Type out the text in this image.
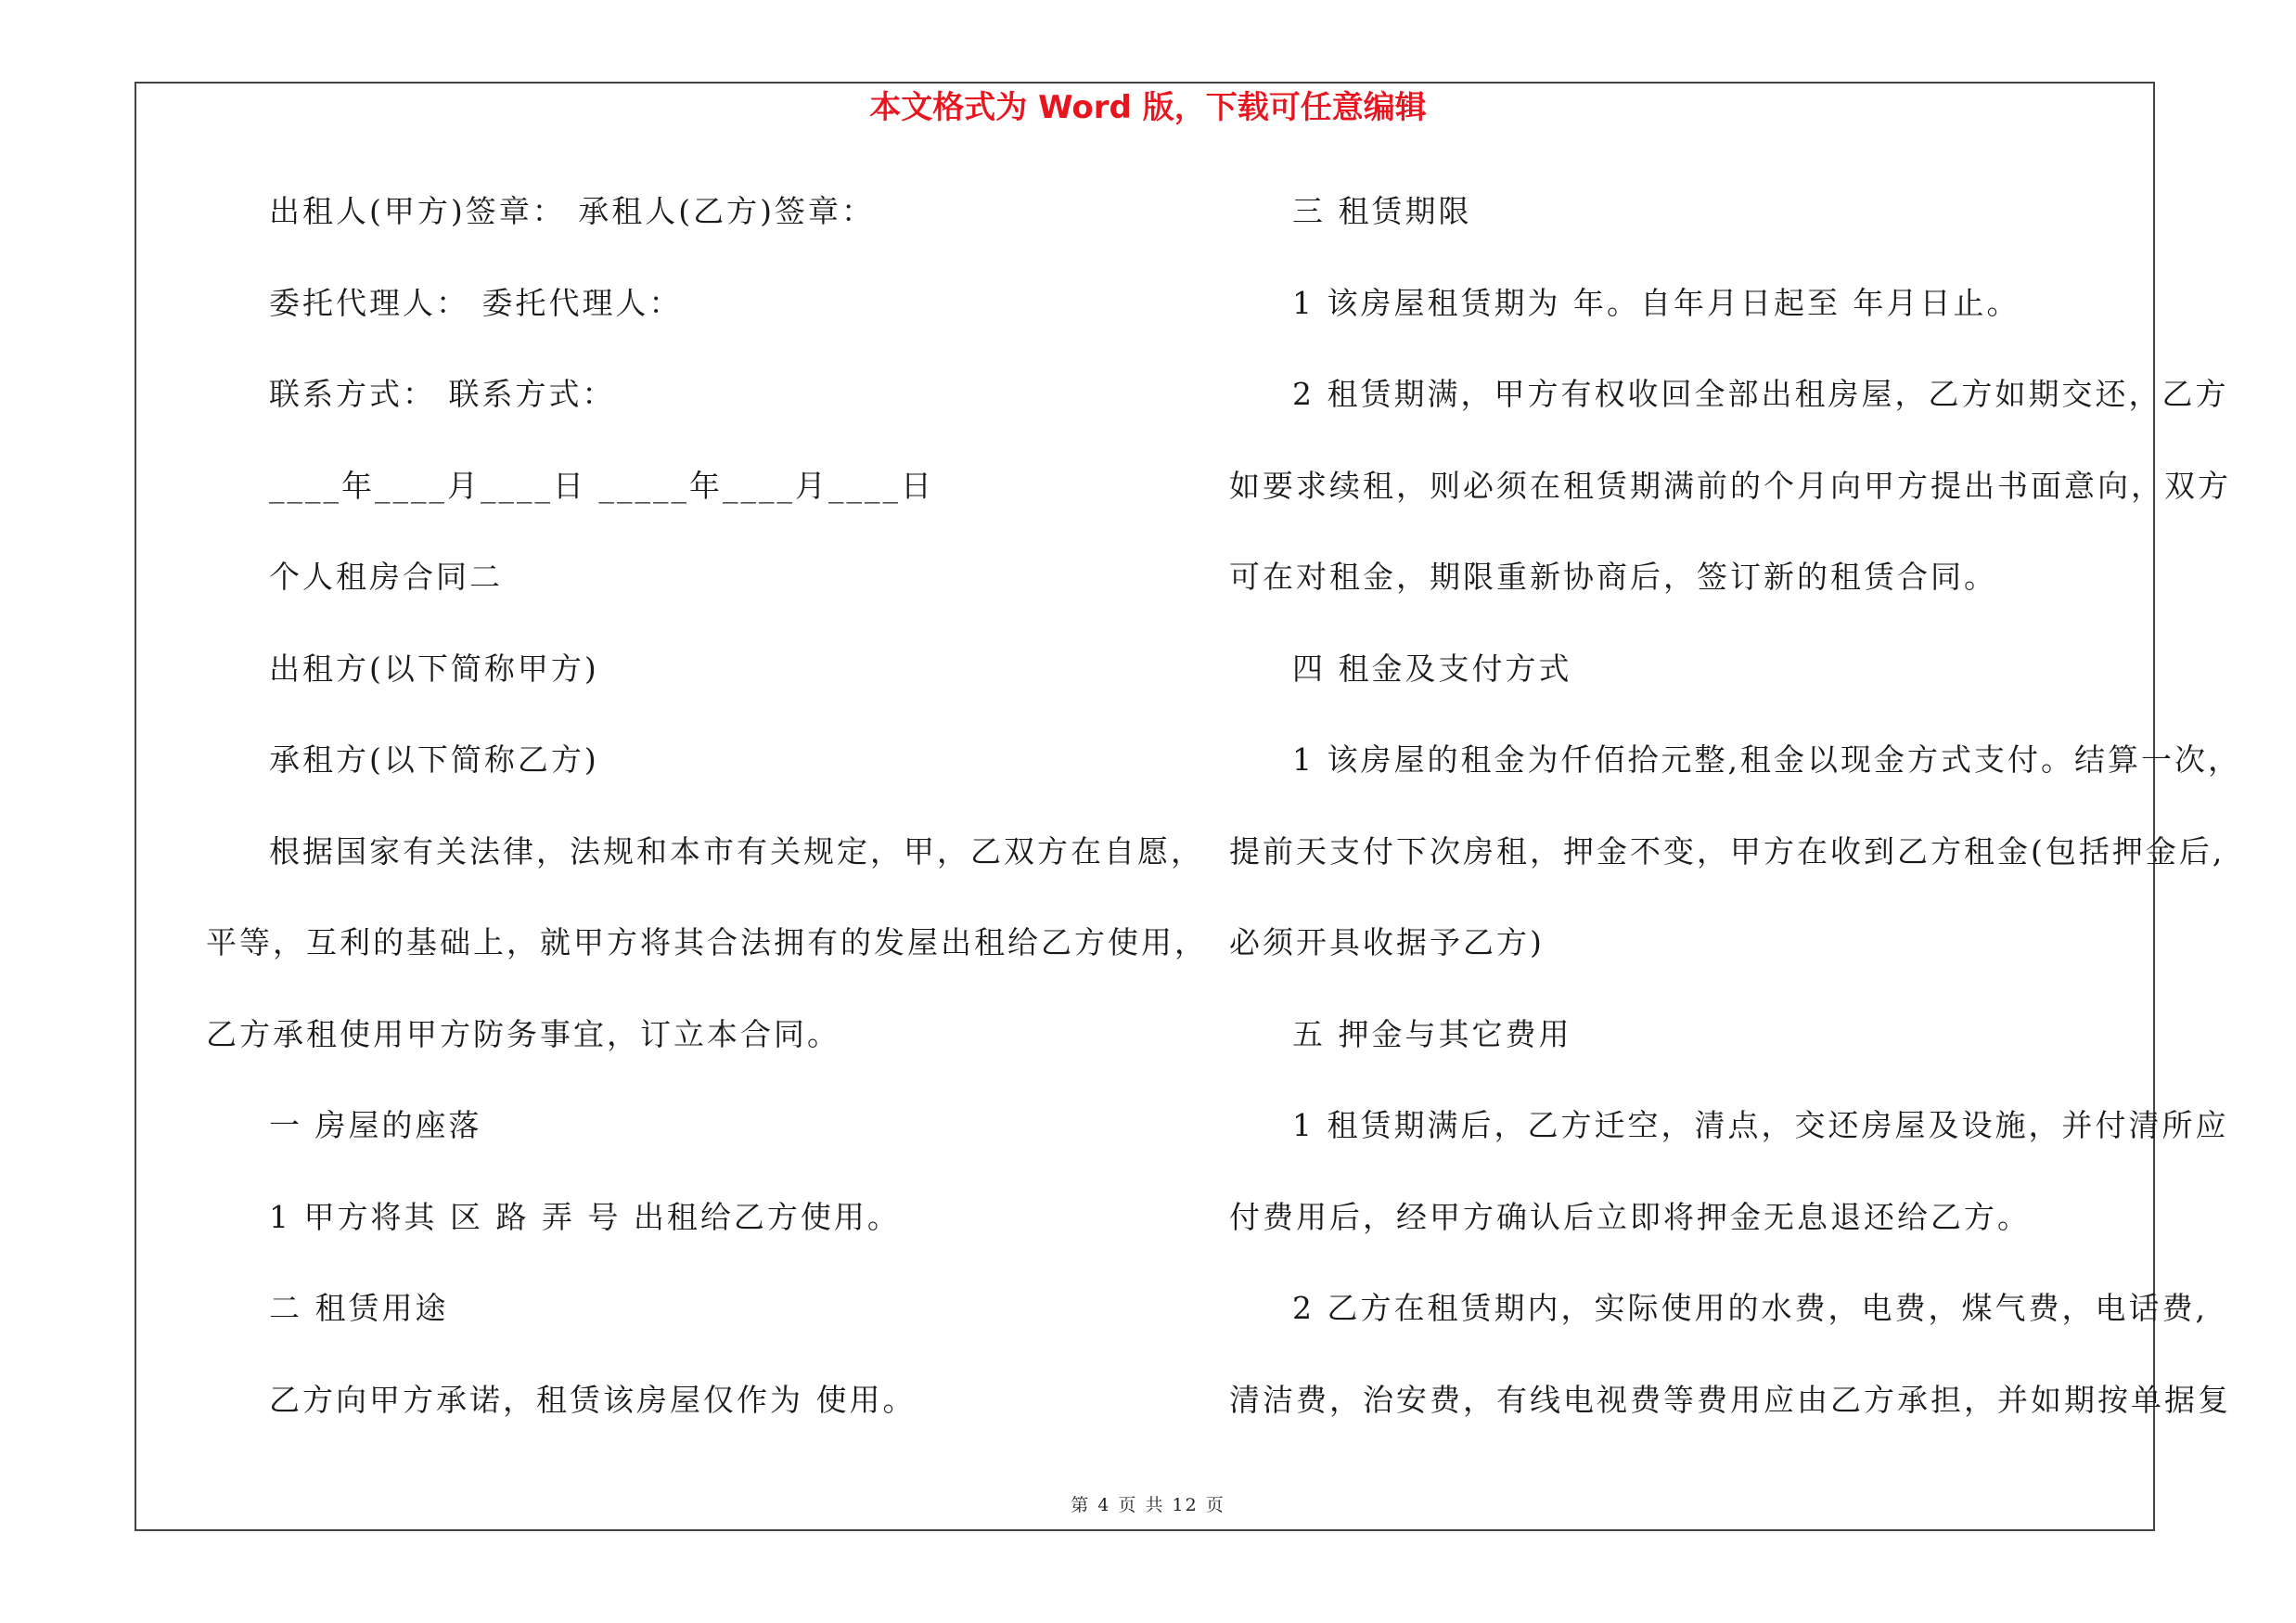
本文格式为 Word 版，下载可任意编辑
出租人(甲方)签章： 承租人(乙方)签章：
委托代理人： 委托代理人：
联系方式： 联系方式：
____年____月____日 _____年____月____日
个人租房合同二
出租方(以下简称甲方)
承租方(以下简称乙方)
根据国家有关法律，法规和本市有关规定，甲，乙双方在自愿，
平等，互利的基础上，就甲方将其合法拥有的发屋出租给乙方使用，
乙方承租使用甲方防务事宜，订立本合同。
一 房屋的座落
1 甲方将其 区 路 弄 号 出租给乙方使用。
二 租赁用途
乙方向甲方承诺，租赁该房屋仅作为 使用。
三 租赁期限
1 该房屋租赁期为 年。自年月日起至 年月日止。
2 租赁期满，甲方有权收回全部出租房屋，乙方如期交还，乙方
如要求续租，则必须在租赁期满前的个月向甲方提出书面意向，双方
可在对租金，期限重新协商后，签订新的租赁合同。
四 租金及支付方式
1 该房屋的租金为仟佰拾元整,租金以现金方式支付。结算一次，
提前天支付下次房租，押金不变，甲方在收到乙方租金(包括押金后,
必须开具收据予乙方)
五 押金与其它费用
1 租赁期满后，乙方迁空，清点，交还房屋及设施，并付清所应
付费用后，经甲方确认后立即将押金无息退还给乙方。
2 乙方在租赁期内，实际使用的水费，电费，煤气费，电话费,
清洁费，治安费，有线电视费等费用应由乙方承担，并如期按单据复
第 4 页 共 12 页
